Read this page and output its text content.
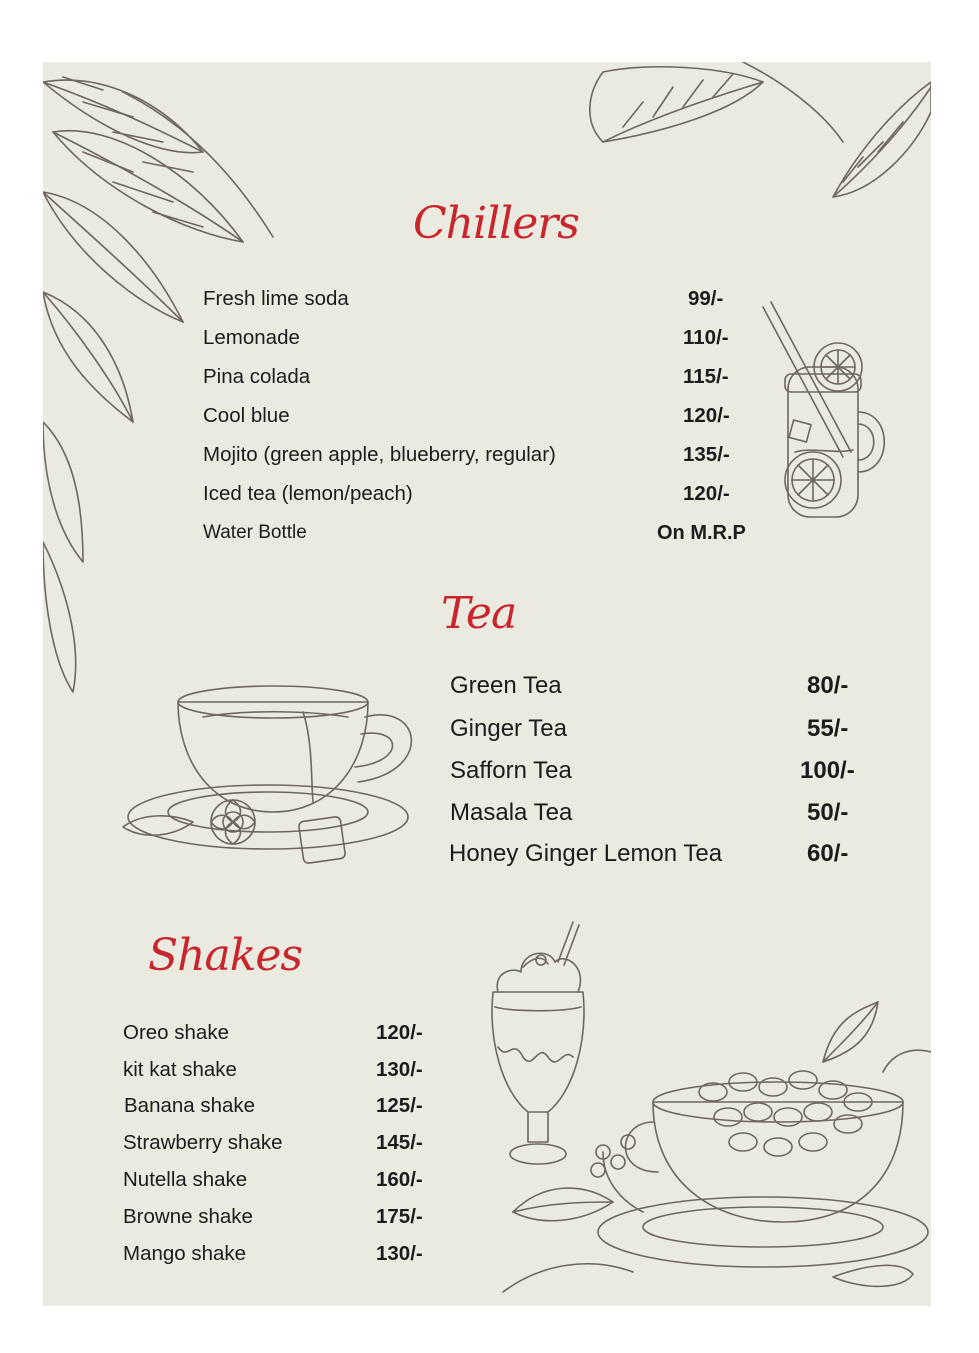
Chillers
Fresh lime soda	99/-
Lemonade	110/-
Pina colada	115/-
Cool blue	120/-
Mojito (green apple, blueberry, regular)	135/-
Iced tea (lemon/peach)	120/-
Water Bottle	On M.R.P
Tea
Green Tea	80/-
Ginger Tea	55/-
Safforn Tea	100/-
Masala Tea	50/-
Honey Ginger Lemon Tea	60/-
Shakes
Oreo shake	120/-
kit kat shake	130/-
Banana shake	125/-
Strawberry shake	145/-
Nutella shake	160/-
Browne shake	175/-
Mango shake	130/-
